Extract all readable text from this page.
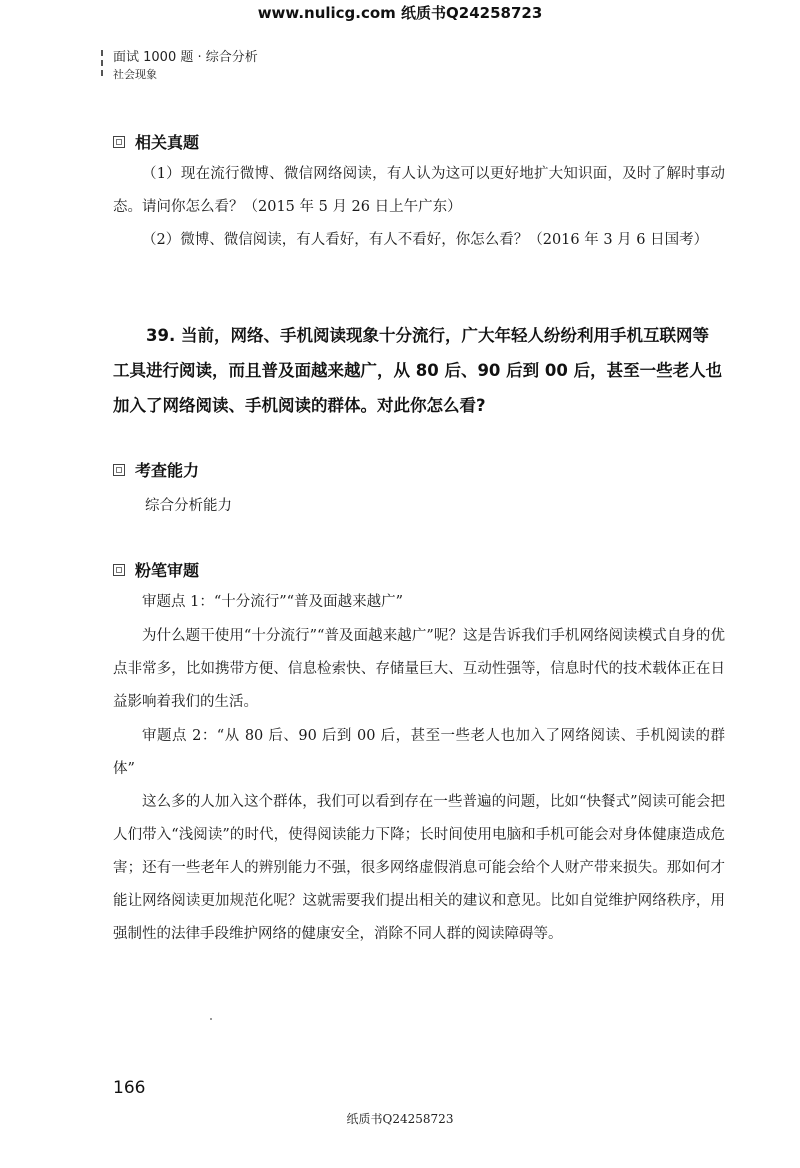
www.nulicg.com 纸质书Q24258723
面试 1000 题 · 综合分析
社会现象
相关真题
（1）现在流行微博、微信网络阅读，有人认为这可以更好地扩大知识面，及时了解时事动态。请问你怎么看？（2015 年 5 月 26 日上午广东）
（2）微博、微信阅读，有人看好，有人不看好，你怎么看？（2016 年 3 月 6 日国考）
39. 当前，网络、手机阅读现象十分流行，广大年轻人纷纷利用手机互联网等工具进行阅读，而且普及面越来越广，从 80 后、90 后到 00 后，甚至一些老人也加入了网络阅读、手机阅读的群体。对此你怎么看?
考查能力
综合分析能力
粉笔审题
审题点 1：“十分流行”“普及面越来越广”
为什么题干使用“十分流行”“普及面越来越广”呢？这是告诉我们手机网络阅读模式自身的优点非常多，比如携带方便、信息检索快、存储量巨大、互动性强等，信息时代的技术载体正在日益影响着我们的生活。
审题点 2：“从 80 后、90 后到 00 后，甚至一些老人也加入了网络阅读、手机阅读的群体”
这么多的人加入这个群体，我们可以看到存在一些普遍的问题，比如“快餐式”阅读可能会把人们带入“浅阅读”的时代，使得阅读能力下降；长时间使用电脑和手机可能会对身体健康造成危害；还有一些老年人的辨别能力不强，很多网络虚假消息可能会给个人财产带来损失。那如何才能让网络阅读更加规范化呢？这就需要我们提出相关的建议和意见。比如自觉维护网络秩序，用强制性的法律手段维护网络的健康安全，消除不同人群的阅读障碍等。
166
纸质书Q24258723
